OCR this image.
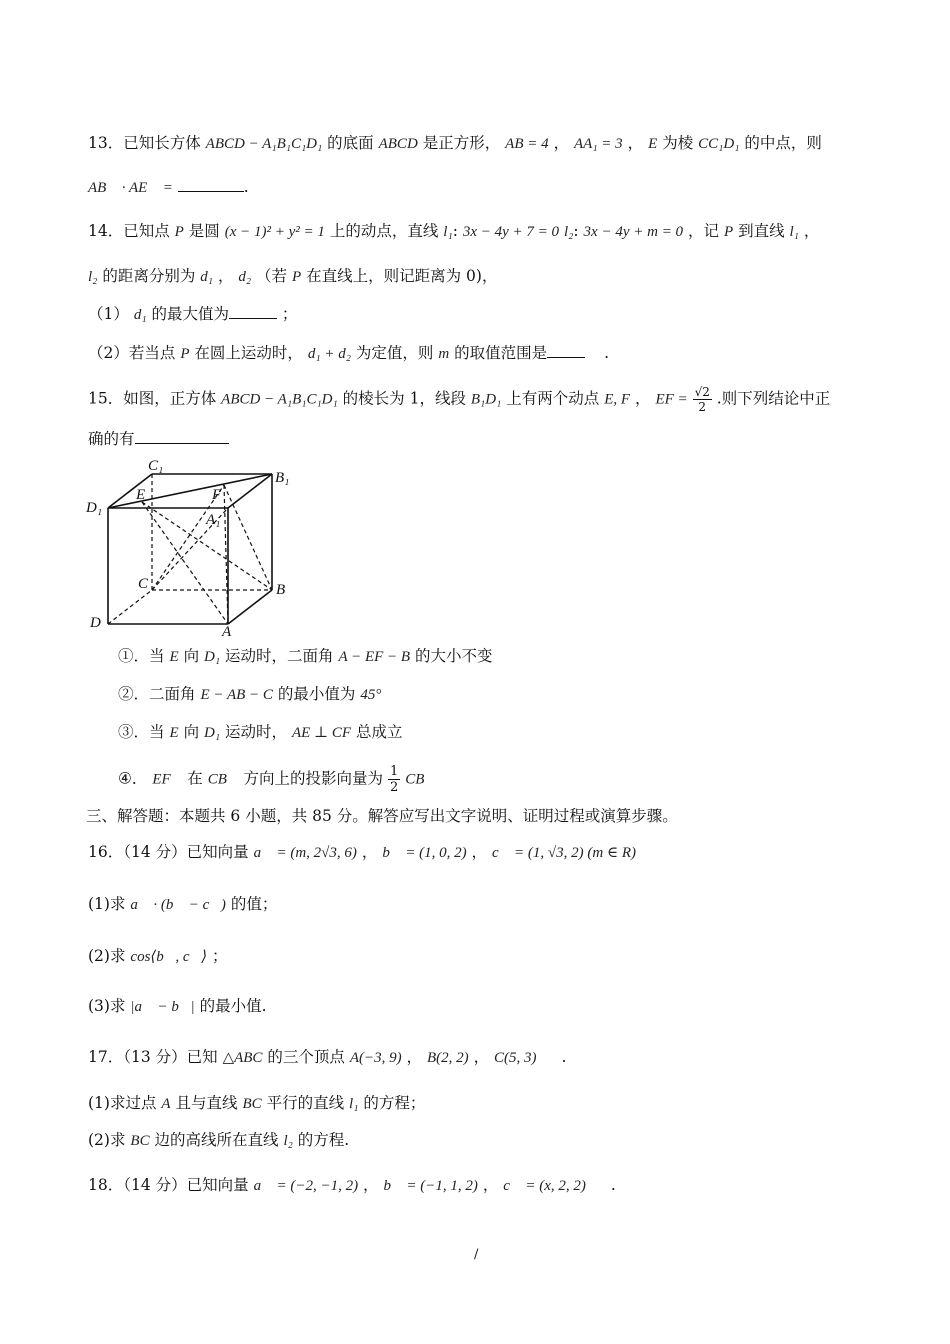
13．已知长方体 ABCD − A₁B₁C₁D₁ 的底面 ABCD 是正方形， AB = 4 ， AA₁ = 3 ， E 为棱 CC₁D₁ 的中点，则
AB⃗ · AE⃗ =	.
14．已知点 P 是圆 (x − 1)² + y² = 1 上的动点，直线 l₁: 3x − 4y + 7 = 0 l₂: 3x − 4y + m = 0 ，记 P 到直线 l₁ ，
l₂ 的距离分别为 d₁ ， d₂ （若 P 在直线上，则记距离为 0)，
（1） d₁ 的最大值为	；
（2）若当点 P 在圆上运动时， d₁ + d₂ 为定值，则 m 的取值范围是	.
15．如图，正方体 ABCD − A₁B₁C₁D₁ 的棱长为 1，线段 B₁D₁ 上有两个动点 E, F ， EF = $\frac{√2}{2}$ .则下列结论中正
确的有
C₁
B₁
D₁
E	F
A₁
C	B
D
A
①．当 E 向 D₁ 运动时，二面角 A − EF − B 的大小不变
②．二面角 E − AB − C 的最小值为 45°
③．当 E 向 D₁ 运动时， AE ⊥ CF 总成立
④． EF⃗ 在 CB⃗ 方向上的投影向量为 $\frac{1}{2}$ CB⃗
三、解答题：本题共 6 小题，共 85 分。解答应写出文字说明、证明过程或演算步骤。
16．（14 分）已知向量 a⃗ = (m, 2√3, 6) ， b⃗ = (1, 0, 2) ， c⃗ = (1, √3, 2) (m ∈ R)
(1)求 a⃗ · (b⃗ − c⃗) 的值；
(2)求 cos⟨b⃗, c⃗⟩ ；
(3)求 |a⃗ − b⃗| 的最小值.
17．（13 分）已知 △ABC 的三个顶点 A(−3, 9) ， B(2, 2) ， C(5, 3) .
(1)求过点 A 且与直线 BC 平行的直线 l₁ 的方程；
(2)求 BC 边的高线所在直线 l₂ 的方程.
18．（14 分）已知向量 a⃗ = (−2, −1, 2) ， b⃗ = (−1, 1, 2) ， c⃗ = (x, 2, 2) .
/
